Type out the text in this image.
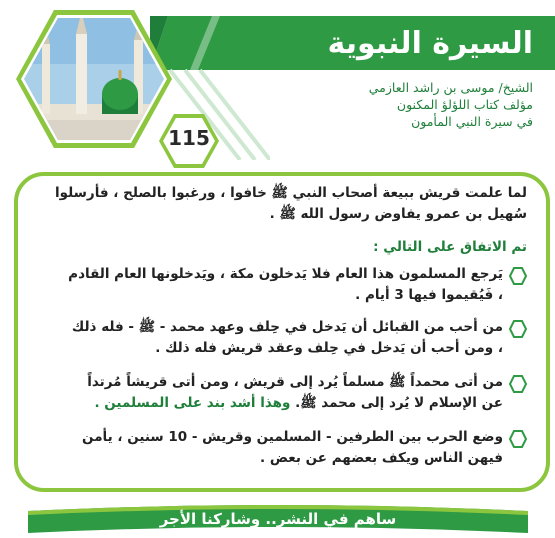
السيرة النبوية
الشيخ/ موسى بن راشد العازمي
مؤلف كتاب اللؤلؤ المكنون
في سيرة النبي المأمون
115
لما علمت قريش ببيعة أصحاب النبي ﷺ خافوا ، ورغبوا بالصلح ، فأرسلوا سُهيل بن عمرو يفاوض رسول الله ﷺ .
تم الاتفاق على التالي :
يَرجع المسلمون هذا العام فلا يَدخلون مكة ، ويَدخلونها العام القادم ، فَيُقيموا فيها 3 أيام .
من أحب من القبائل أن يَدخل في حِلف وعهد محمد - ﷺ - فله ذلك ، ومن أحب أن يَدخل في حِلف وعقد قريش فله ذلك .
من أتى محمداً ﷺ مسلماً يُرد إلى قريش ، ومن أتى قريشاً مُرتداً عن الإسلام لا يُرد إلى محمد ﷺ. وهذا أشد بند على المسلمين .
وضع الحرب بين الطرفين - المسلمين وقريش - 10 سنين ، يأمن فيهن الناس ويكف بعضهم عن بعض .
ساهم في النشر.. وشاركنا الأجر
